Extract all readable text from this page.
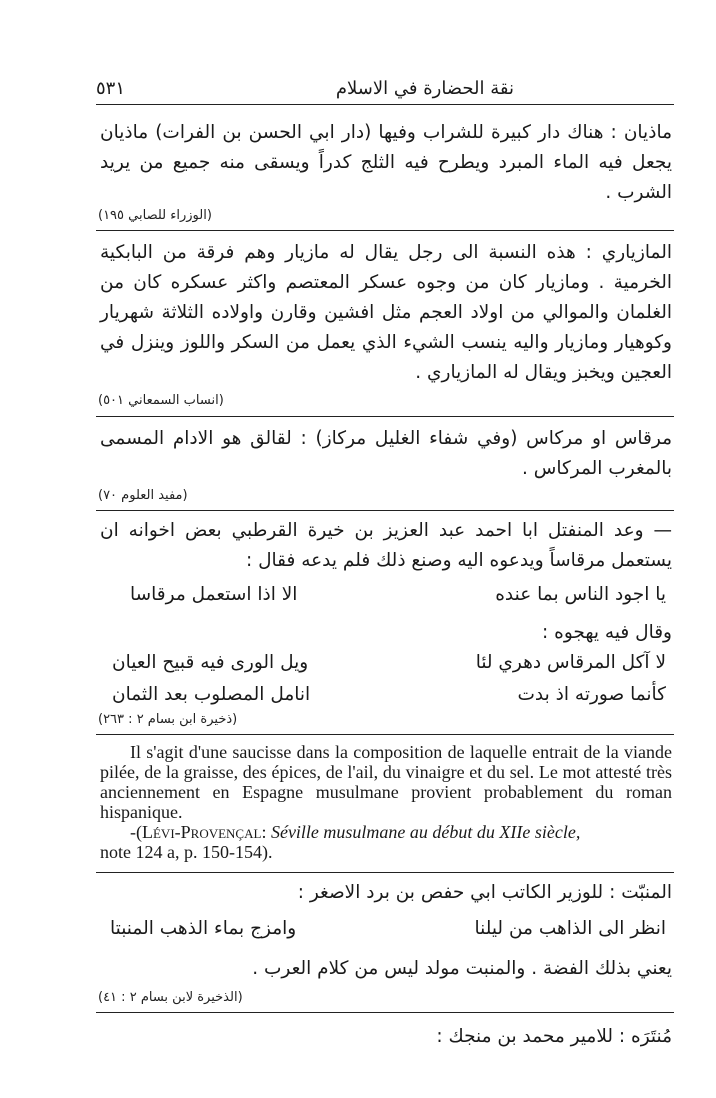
نقة الحضارة في الاسلام
٥٣١

ماذيان : هناك دار كبيرة للشراب وفيها (دار ابي الحسن بن الفرات) ماذيان يجعل فيه الماء المبرد ويطرح فيه الثلج كدراً ويسقى منه جميع من يريد الشرب .

(الوزراء للصابي ١٩٥)

المازياري : هذه النسبة الى رجل يقال له مازيار وهم فرقة من البابكية الخرمية . ومازيار كان من وجوه عسكر المعتصم واكثر عسكره كان من الغلمان والموالي من اولاد العجم مثل افشين وقارن واولاده الثلاثة شهريار وكوهيار ومازيار واليه ينسب الشيء الذي يعمل من السكر واللوز وينزل في العجين ويخبز ويقال له المازياري .

(انساب السمعاني ٥٠١)

مرقاس او مركاس (وفي شفاء الغليل مركاز) : لقالق هو الادام المسمى بالمغرب المركاس .

(مفيد العلوم ٧٠)

— وعد المنفتل ابا احمد عبد العزيز بن خيرة القرطبي بعض اخوانه ان يستعمل مرقاساً ويدعوه اليه وصنع ذلك فلم يدعه فقال :

يا اجود الناس بما عنده
الا اذا استعمل مرقاسا

وقال فيه يهجوه :

لا آكل المرقاس دهري لئا
ويل الورى فيه قبيح العيان
كأنما صورته اذ بدت
انامل المصلوب بعد الثمان
(ذخيرة ابن بسام ٢ : ٢٦٣)

Il s'agit d'une saucisse dans la composition de laquelle entrait de la viande pilée, de la graisse, des épices, de l'ail, du vinaigre et du sel. Le mot attesté très anciennement en Espagne musulmane provient probablement du roman hispanique.

-(Lévi-Provençal: Séville musulmane au début du XIIe siècle,

note 124 a, p. 150-154).

المنبّت : للوزير الكاتب ابي حفص بن برد الاصغر :

انظر الى الذاهب من ليلنا
وامزج بماء الذهب المنبتا

يعني بذلك الفضة . والمنبت مولد ليس من كلام العرب .

(الذخيرة لابن بسام ٢ : ٤١)

مُنتَرَه : للامير محمد بن منجك :
